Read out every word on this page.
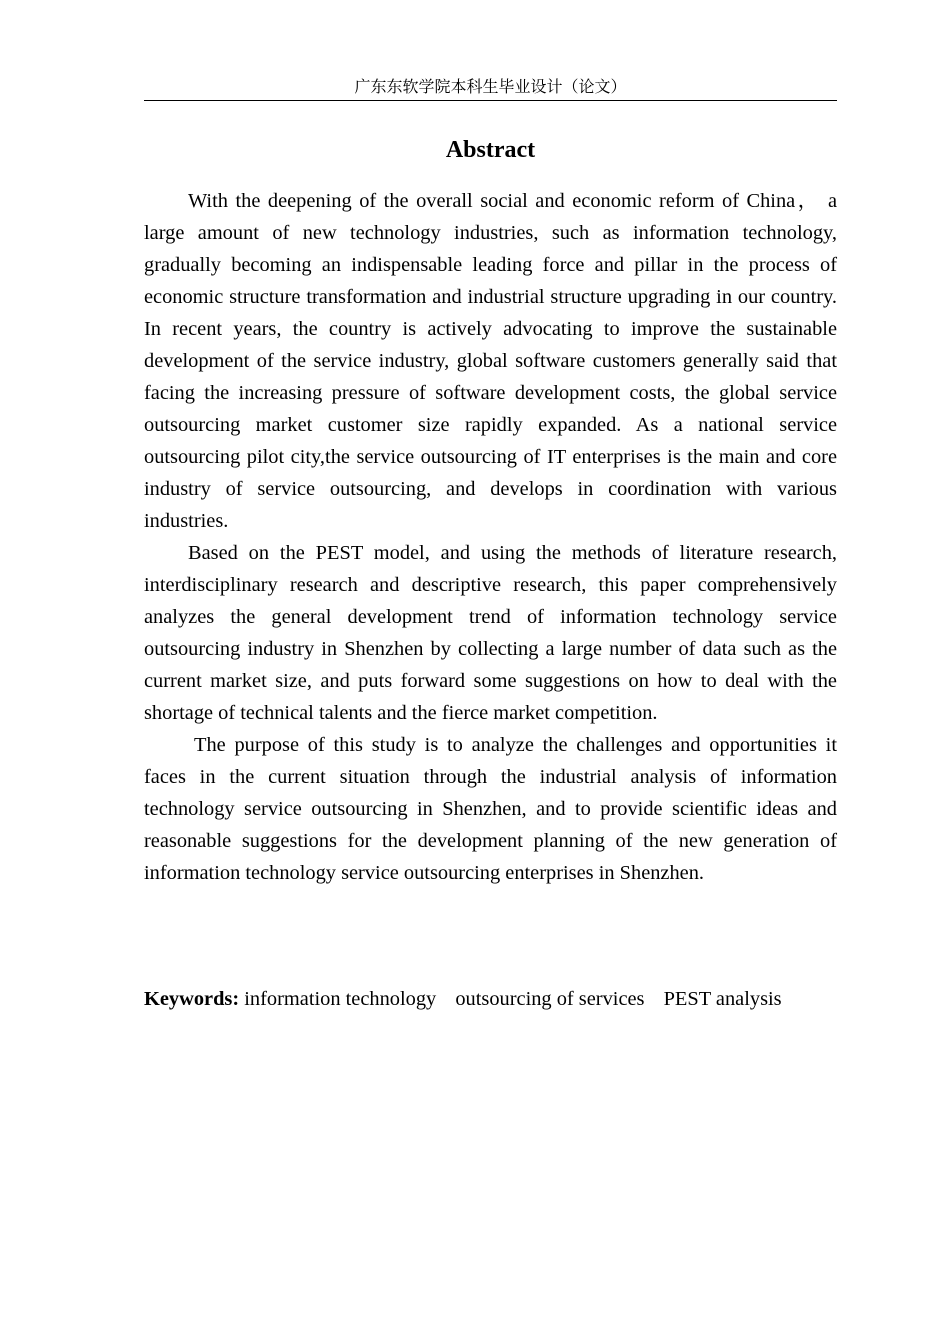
广东东软学院本科生毕业设计（论文）
Abstract

With the deepening of the overall social and economic reform of China， a large amount of new technology industries, such as information technology, gradually becoming an indispensable leading force and pillar in the process of economic structure transformation and industrial structure upgrading in our country. In recent years, the country is actively advocating to improve the sustainable development of the service industry, global software customers generally said that facing the increasing pressure of software development costs, the global service outsourcing market customer size rapidly expanded. As a national service outsourcing pilot city,the service outsourcing of IT enterprises is the main and core industry of service outsourcing, and develops in coordination with various industries.

Based on the PEST model, and using the methods of literature research, interdisciplinary research and descriptive research, this paper comprehensively analyzes the general development trend of information technology service outsourcing industry in Shenzhen by collecting a large number of data such as the current market size, and puts forward some suggestions on how to deal with the shortage of technical talents and the fierce market competition.

The purpose of this study is to analyze the challenges and opportunities it faces in the current situation through the industrial analysis of information technology service outsourcing in Shenzhen, and to provide scientific ideas and reasonable suggestions for the development planning of the new generation of information technology service outsourcing enterprises in Shenzhen.

Keywords: information technology outsourcing of services PEST analysis
